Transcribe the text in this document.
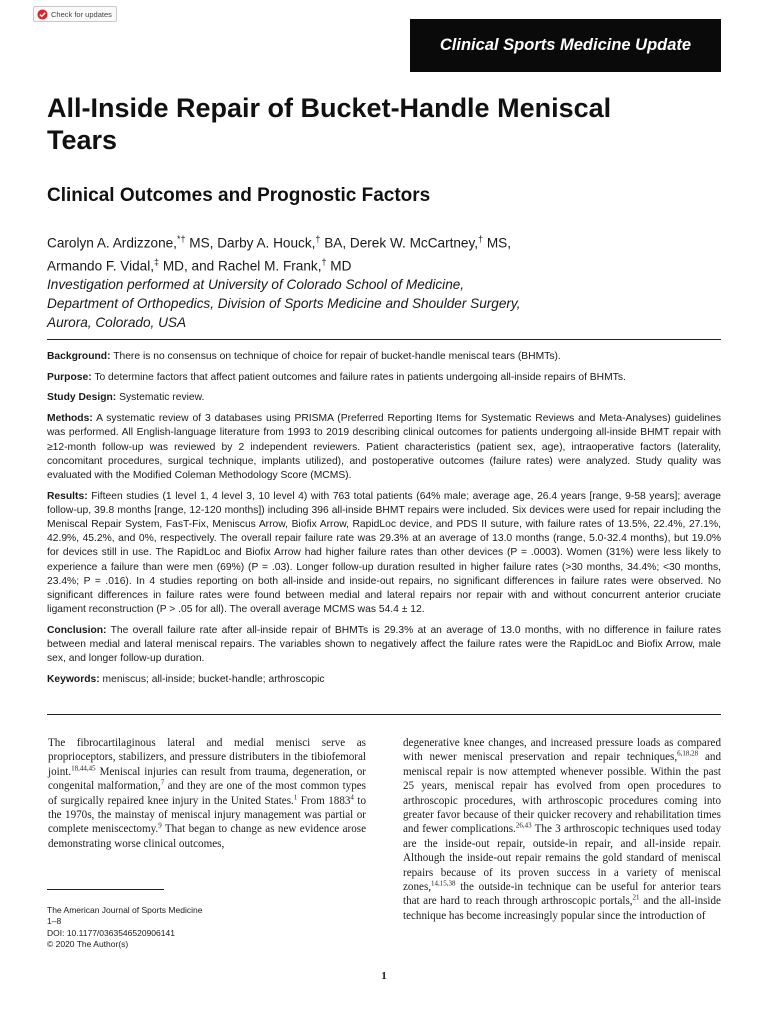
Check for updates
Clinical Sports Medicine Update
All-Inside Repair of Bucket-Handle Meniscal Tears
Clinical Outcomes and Prognostic Factors
Carolyn A. Ardizzone,*† MS, Darby A. Houck,† BA, Derek W. McCartney,† MS,
Armando F. Vidal,‡ MD, and Rachel M. Frank,† MD
Investigation performed at University of Colorado School of Medicine,
Department of Orthopedics, Division of Sports Medicine and Shoulder Surgery,
Aurora, Colorado, USA

Background: There is no consensus on technique of choice for repair of bucket-handle meniscal tears (BHMTs).

Purpose: To determine factors that affect patient outcomes and failure rates in patients undergoing all-inside repairs of BHMTs.

Study Design: Systematic review.

Methods: A systematic review of 3 databases using PRISMA (Preferred Reporting Items for Systematic Reviews and Meta-Analyses) guidelines was performed. All English-language literature from 1993 to 2019 describing clinical outcomes for patients undergoing all-inside BHMT repair with ≥12-month follow-up was reviewed by 2 independent reviewers. Patient characteristics (patient sex, age), intraoperative factors (laterality, concomitant procedures, surgical technique, implants utilized), and postoperative outcomes (failure rates) were analyzed. Study quality was evaluated with the Modified Coleman Methodology Score (MCMS).

Results: Fifteen studies (1 level 1, 4 level 3, 10 level 4) with 763 total patients (64% male; average age, 26.4 years [range, 9-58 years]; average follow-up, 39.8 months [range, 12-120 months]) including 396 all-inside BHMT repairs were included. Six devices were used for repair including the Meniscal Repair System, FasT-Fix, Meniscus Arrow, Biofix Arrow, RapidLoc device, and PDS II suture, with failure rates of 13.5%, 22.4%, 27.1%, 42.9%, 45.2%, and 0%, respectively. The overall repair failure rate was 29.3% at an average of 13.0 months (range, 5.0-32.4 months), but 19.0% for devices still in use. The RapidLoc and Biofix Arrow had higher failure rates than other devices (P = .0003). Women (31%) were less likely to experience a failure than were men (69%) (P = .03). Longer follow-up duration resulted in higher failure rates (>30 months, 34.4%; <30 months, 23.4%; P = .016). In 4 studies reporting on both all-inside and inside-out repairs, no significant differences in failure rates were observed. No significant differences in failure rates were found between medial and lateral repairs nor repair with and without concurrent anterior cruciate ligament reconstruction (P > .05 for all). The overall average MCMS was 54.4 ± 12.

Conclusion: The overall failure rate after all-inside repair of BHMTs is 29.3% at an average of 13.0 months, with no difference in failure rates between medial and lateral meniscal repairs. The variables shown to negatively affect the failure rates were the RapidLoc and Biofix Arrow, male sex, and longer follow-up duration.

Keywords: meniscus; all-inside; bucket-handle; arthroscopic

The fibrocartilaginous lateral and medial menisci serve as proprioceptors, stabilizers, and pressure distributers in the tibiofemoral joint.$^{18,44,45}$ Meniscal injuries can result from trauma, degeneration, or congenital malformation,$^7$ and they are one of the most common types of surgically repaired knee injury in the United States.$^1$ From 1883$^4$ to the 1970s, the mainstay of meniscal injury management was partial or complete meniscectomy.$^9$ That began to change as new evidence arose demonstrating worse clinical outcomes,

degenerative knee changes, and increased pressure loads as compared with newer meniscal preservation and repair techniques,$^{6,18,28}$ and meniscal repair is now attempted whenever possible. Within the past 25 years, meniscal repair has evolved from open procedures to arthroscopic procedures, with arthroscopic procedures coming into greater favor because of their quicker recovery and rehabilitation times and fewer complications.$^{26,43}$ The 3 arthroscopic techniques used today are the inside-out repair, outside-in repair, and all-inside repair. Although the inside-out repair remains the gold standard of meniscal repairs because of its proven success in a variety of meniscal zones,$^{14,15,38}$ the outside-in technique can be useful for anterior tears that are hard to reach through arthroscopic portals,$^{21}$ and the all-inside technique has become increasingly popular since the introduction of

The American Journal of Sports Medicine
1–8
DOI: 10.1177/0363546520906141
© 2020 The Author(s)
1
